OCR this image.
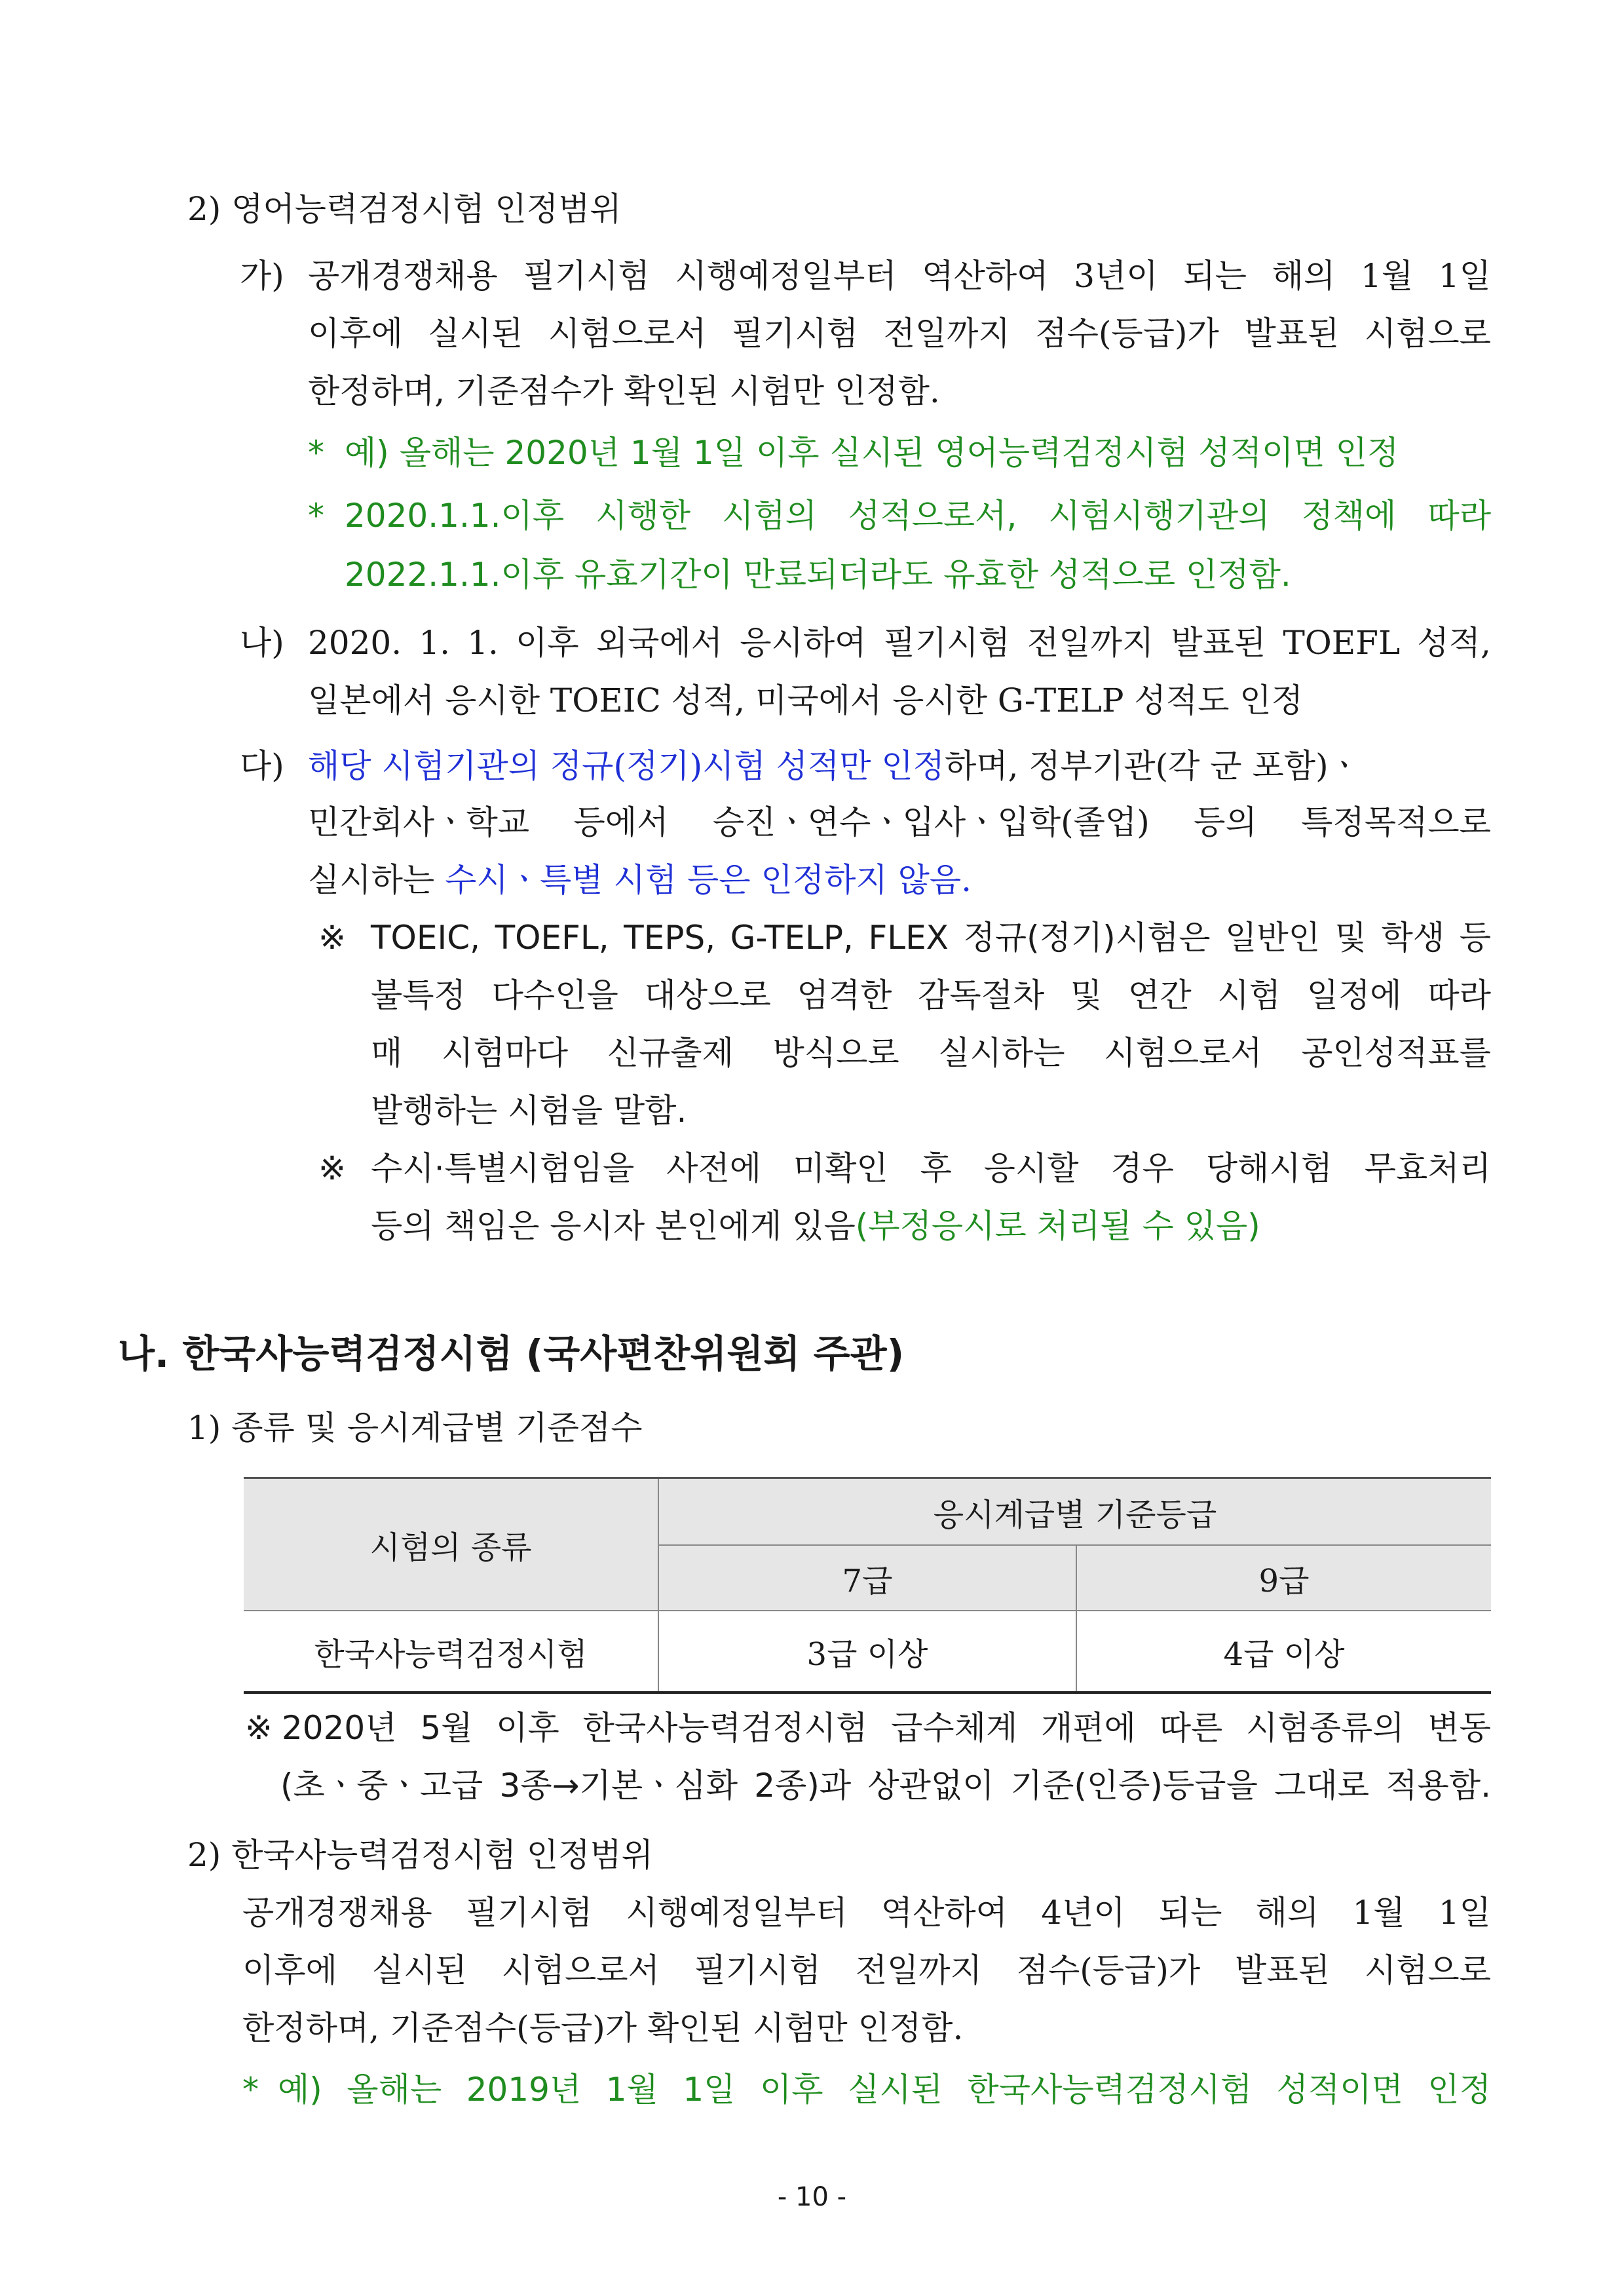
2) 영어능력검정시험 인정범위
가) 공개경쟁채용 필기시험 시행예정일부터 역산하여 3년이 되는 해의 1월 1일
이후에 실시된 시험으로서 필기시험 전일까지 점수(등급)가 발표된 시험으로
한정하며, 기준점수가 확인된 시험만 인정함.
* 예) 올해는 2020년 1월 1일 이후 실시된 영어능력검정시험 성적이면 인정
* 2020.1.1.이후 시행한 시험의 성적으로서, 시험시행기관의 정책에 따라
2022.1.1.이후 유효기간이 만료되더라도 유효한 성적으로 인정함.
나) 2020. 1. 1. 이후 외국에서 응시하여 필기시험 전일까지 발표된 TOEFL 성적,
일본에서 응시한 TOEIC 성적, 미국에서 응시한 G-TELP 성적도 인정
다) 해당 시험기관의 정규(정기)시험 성적만 인정하며, 정부기관(각 군 포함)ㆍ
민간회사ㆍ학교 등에서 승진ㆍ연수ㆍ입사ㆍ입학(졸업) 등의 특정목적으로
실시하는 수시ㆍ특별 시험 등은 인정하지 않음.
※ TOEIC, TOEFL, TEPS, G-TELP, FLEX 정규(정기)시험은 일반인 및 학생 등
불특정 다수인을 대상으로 엄격한 감독절차 및 연간 시험 일정에 따라
매 시험마다 신규출제 방식으로 실시하는 시험으로서 공인성적표를
발행하는 시험을 말함.
※ 수시·특별시험임을 사전에 미확인 후 응시할 경우 당해시험 무효처리
등의 책임은 응시자 본인에게 있음(부정응시로 처리될 수 있음)
나. 한국사능력검정시험 (국사편찬위원회 주관)
1) 종류 및 응시계급별 기준점수
시험의 종류	응시계급별 기준등급	
	7급	9급
한국사능력검정시험	3급 이상	4급 이상
※ 2020년 5월 이후 한국사능력검정시험 급수체계 개편에 따른 시험종류의 변동
(초ㆍ중ㆍ고급 3종→기본ㆍ심화 2종)과 상관없이 기준(인증)등급을 그대로 적용함.
2) 한국사능력검정시험 인정범위
공개경쟁채용 필기시험 시행예정일부터 역산하여 4년이 되는 해의 1월 1일
이후에 실시된 시험으로서 필기시험 전일까지 점수(등급)가 발표된 시험으로
한정하며, 기준점수(등급)가 확인된 시험만 인정함.
* 예) 올해는 2019년 1월 1일 이후 실시된 한국사능력검정시험 성적이면 인정
- 10 -
